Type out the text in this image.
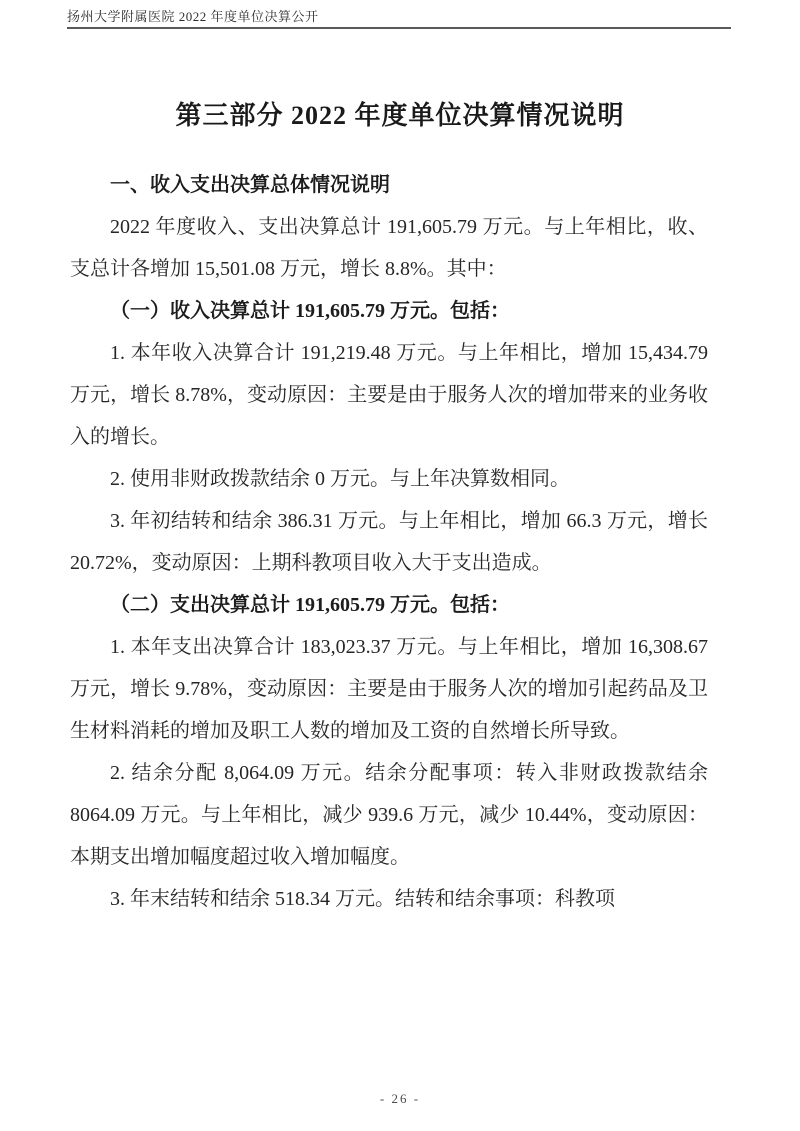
扬州大学附属医院 2022 年度单位决算公开
第三部分 2022 年度单位决算情况说明
一、收入支出决算总体情况说明

2022 年度收入、支出决算总计 191,605.79 万元。与上年相比，收、支总计各增加 15,501.08 万元，增长 8.8%。其中：

（一）收入决算总计 191,605.79 万元。包括：

1. 本年收入决算合计 191,219.48 万元。与上年相比，增加 15,434.79 万元，增长 8.78%，变动原因：主要是由于服务人次的增加带来的业务收入的增长。

2. 使用非财政拨款结余 0 万元。与上年决算数相同。

3. 年初结转和结余 386.31 万元。与上年相比，增加 66.3 万元，增长 20.72%，变动原因：上期科教项目收入大于支出造成。

（二）支出决算总计 191,605.79 万元。包括：

1. 本年支出决算合计 183,023.37 万元。与上年相比，增加 16,308.67 万元，增长 9.78%，变动原因：主要是由于服务人次的增加引起药品及卫生材料消耗的增加及职工人数的增加及工资的自然增长所导致。

2. 结余分配 8,064.09 万元。结余分配事项：转入非财政拨款结余 8064.09 万元。与上年相比，减少 939.6 万元，减少 10.44%，变动原因：本期支出增加幅度超过收入增加幅度。

3. 年末结转和结余 518.34 万元。结转和结余事项：科教项

- 26 -
